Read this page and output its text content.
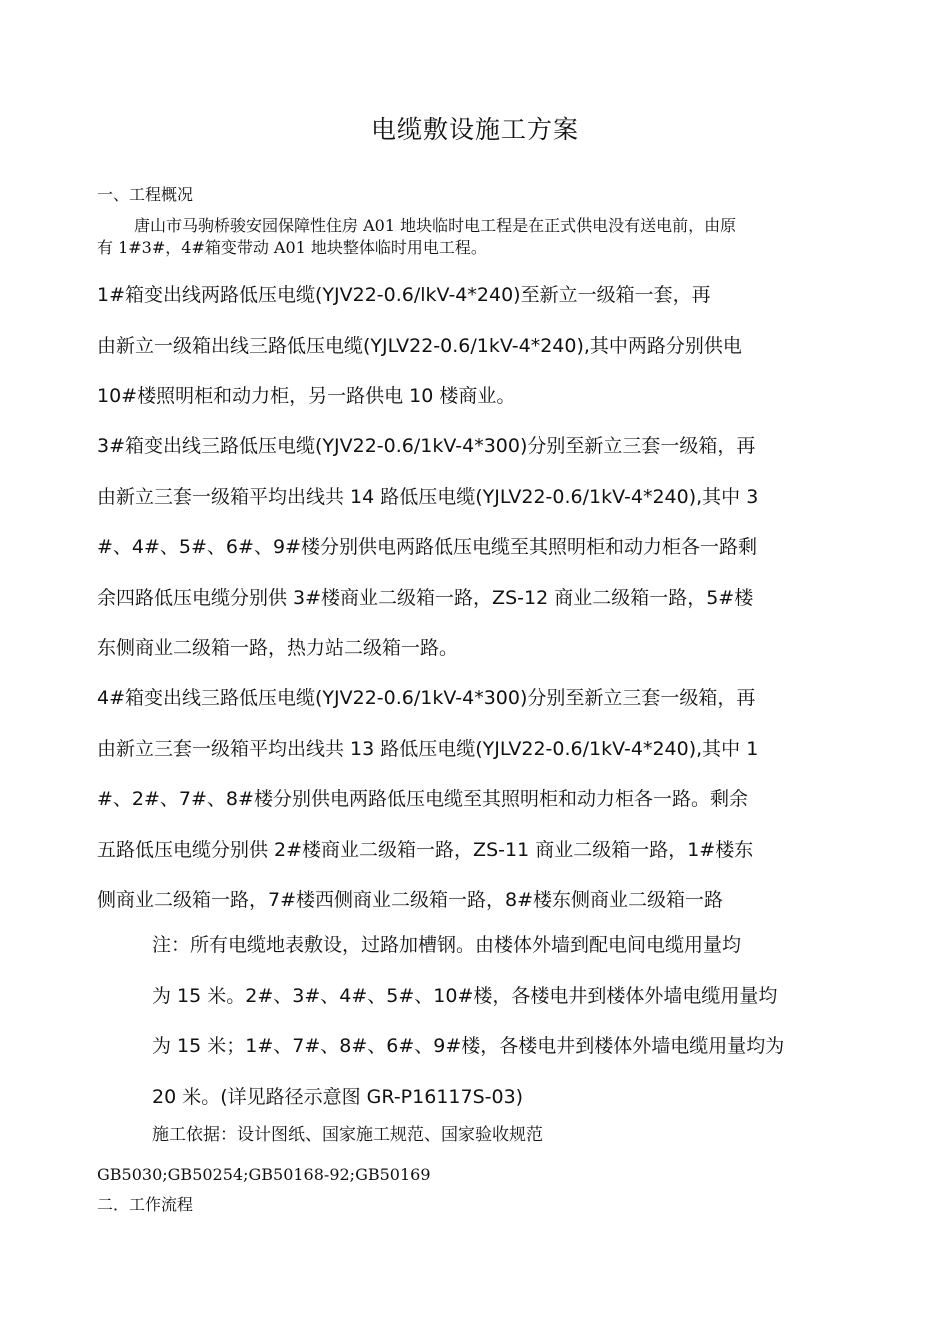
电缆敷设施工方案
一、工程概况
唐山市马驹桥骏安园保障性住房 A01 地块临时电工程是在正式供电没有送电前，由原
有 1#3#，4#箱变带动 A01 地块整体临时用电工程。
1#箱变出线两路低压电缆(YJV22-0.6/lkV-4*240)至新立一级箱一套，再
由新立一级箱出线三路低压电缆(YJLV22-0.6/1kV-4*240),其中两路分别供电
10#楼照明柜和动力柜，另一路供电 10 楼商业。
3#箱变出线三路低压电缆(YJV22-0.6/1kV-4*300)分别至新立三套一级箱，再
由新立三套一级箱平均出线共 14 路低压电缆(YJLV22-0.6/1kV-4*240),其中 3
#、4#、5#、6#、9#楼分别供电两路低压电缆至其照明柜和动力柜各一路剩
余四路低压电缆分别供 3#楼商业二级箱一路，ZS-12 商业二级箱一路，5#楼
东侧商业二级箱一路，热力站二级箱一路。
4#箱变出线三路低压电缆(YJV22-0.6/1kV-4*300)分别至新立三套一级箱，再
由新立三套一级箱平均出线共 13 路低压电缆(YJLV22-0.6/1kV-4*240),其中 1
#、2#、7#、8#楼分别供电两路低压电缆至其照明柜和动力柜各一路。剩余
五路低压电缆分别供 2#楼商业二级箱一路，ZS-11 商业二级箱一路，1#楼东
侧商业二级箱一路，7#楼西侧商业二级箱一路，8#楼东侧商业二级箱一路
注：所有电缆地表敷设，过路加槽钢。由楼体外墙到配电间电缆用量均
为 15 米。2#、3#、4#、5#、10#楼，各楼电井到楼体外墙电缆用量均
为 15 米；1#、7#、8#、6#、9#楼，各楼电井到楼体外墙电缆用量均为
20 米。(详见路径示意图 GR-P16117S-03)
施工依据：设计图纸、国家施工规范、国家验收规范
GB5030;GB50254;GB50168-92;GB50169
二．工作流程
